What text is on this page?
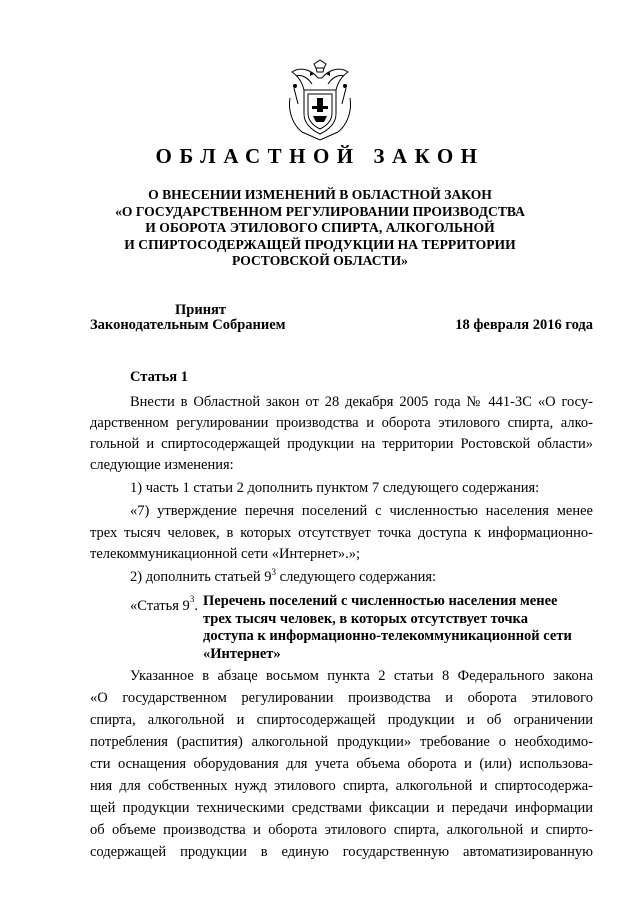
ОБЛАСТНОЙ ЗАКОН
О ВНЕСЕНИИ ИЗМЕНЕНИЙ В ОБЛАСТНОЙ ЗАКОН
«О ГОСУДАРСТВЕННОМ РЕГУЛИРОВАНИИ ПРОИЗВОДСТВА
И ОБОРОТА ЭТИЛОВОГО СПИРТА, АЛКОГОЛЬНОЙ
И СПИРТОСОДЕРЖАЩЕЙ ПРОДУКЦИИ НА ТЕРРИТОРИИ
РОСТОВСКОЙ ОБЛАСТИ»
Принят
Законодательным Собранием	18 февраля 2016 года
Статья 1
Внести в Областной закон от 28 декабря 2005 года № 441-ЗС «О госу-
дарственном регулировании производства и оборота этилового спирта, алко-
гольной и спиртосодержащей продукции на территории Ростовской области»
следующие изменения:
1) часть 1 статьи 2 дополнить пунктом 7 следующего содержания:
«7) утверждение перечня поселений с численностью населения менее
трех тысяч человек, в которых отсутствует точка доступа к информационно-
телекоммуникационной сети «Интернет».»;
2) дополнить статьей $9^3$ следующего содержания:
«Статья $9^3$. Перечень поселений с численностью населения менее
трех тысяч человек, в которых отсутствует точка
доступа к информационно-телекоммуникационной сети
«Интернет»
Указанное в абзаце восьмом пункта 2 статьи 8 Федерального закона
«О государственном регулировании производства и оборота этилового
спирта, алкогольной и спиртосодержащей продукции и об ограничении
потребления (распития) алкогольной продукции» требование о необходимо-
сти оснащения оборудования для учета объема оборота и (или) использова-
ния для собственных нужд этилового спирта, алкогольной и спиртосодержа-
щей продукции техническими средствами фиксации и передачи информации
об объеме производства и оборота этилового спирта, алкогольной и спирто-
содержащей продукции в единую государственную автоматизированную
